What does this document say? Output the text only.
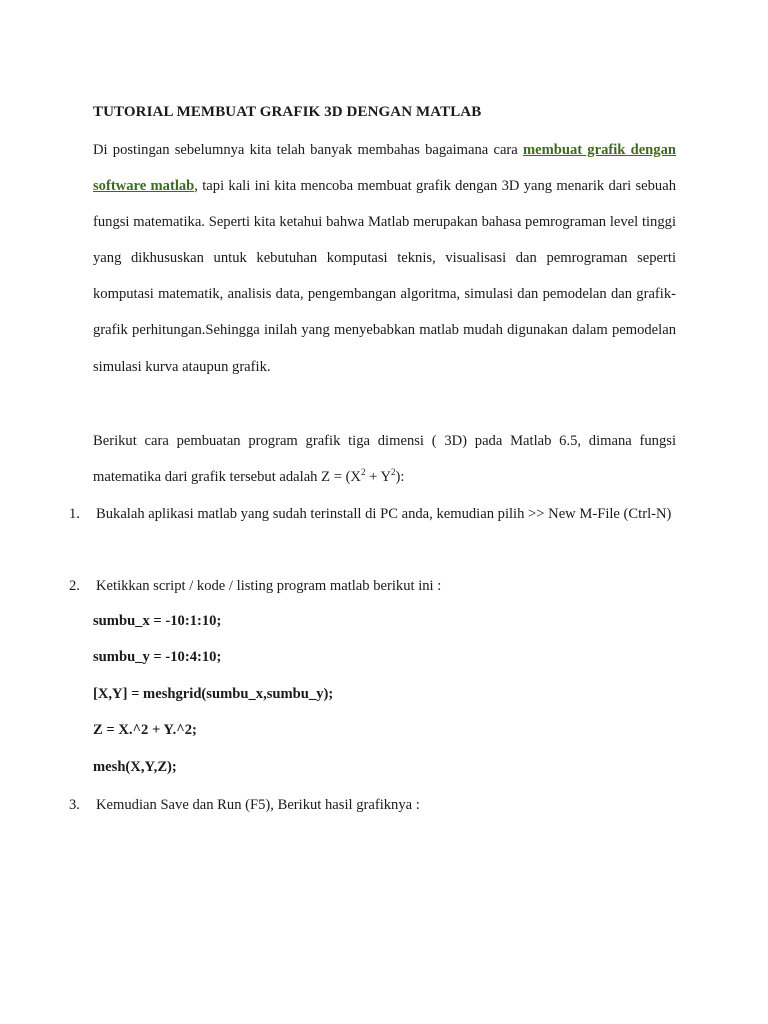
TUTORIAL MEMBUAT GRAFIK 3D DENGAN MATLAB
Di postingan sebelumnya kita telah banyak membahas bagaimana cara membuat grafik dengan software matlab, tapi kali ini kita mencoba membuat grafik dengan 3D yang menarik dari sebuah fungsi matematika. Seperti kita ketahui bahwa Matlab merupakan bahasa pemrograman level tinggi yang dikhususkan untuk kebutuhan komputasi teknis, visualisasi dan pemrograman seperti komputasi matematik, analisis data, pengembangan algoritma, simulasi dan pemodelan dan grafik-grafik perhitungan.Sehingga inilah yang menyebabkan matlab mudah digunakan dalam pemodelan simulasi kurva ataupun grafik.
Berikut cara pembuatan program grafik tiga dimensi ( 3D) pada Matlab 6.5, dimana fungsi matematika dari grafik tersebut adalah $Z = (X^2 + Y^2)$:
1. Bukalah aplikasi matlab yang sudah terinstall di PC anda, kemudian pilih >> New M-File (Ctrl-N)
2. Ketikkan script / kode / listing program matlab berikut ini :
sumbu_x = -10:1:10;
sumbu_y = -10:4:10;
[X,Y] = meshgrid(sumbu_x,sumbu_y);
Z = X.^2 + Y.^2;
mesh(X,Y,Z);
3. Kemudian Save dan Run (F5), Berikut hasil grafiknya :
